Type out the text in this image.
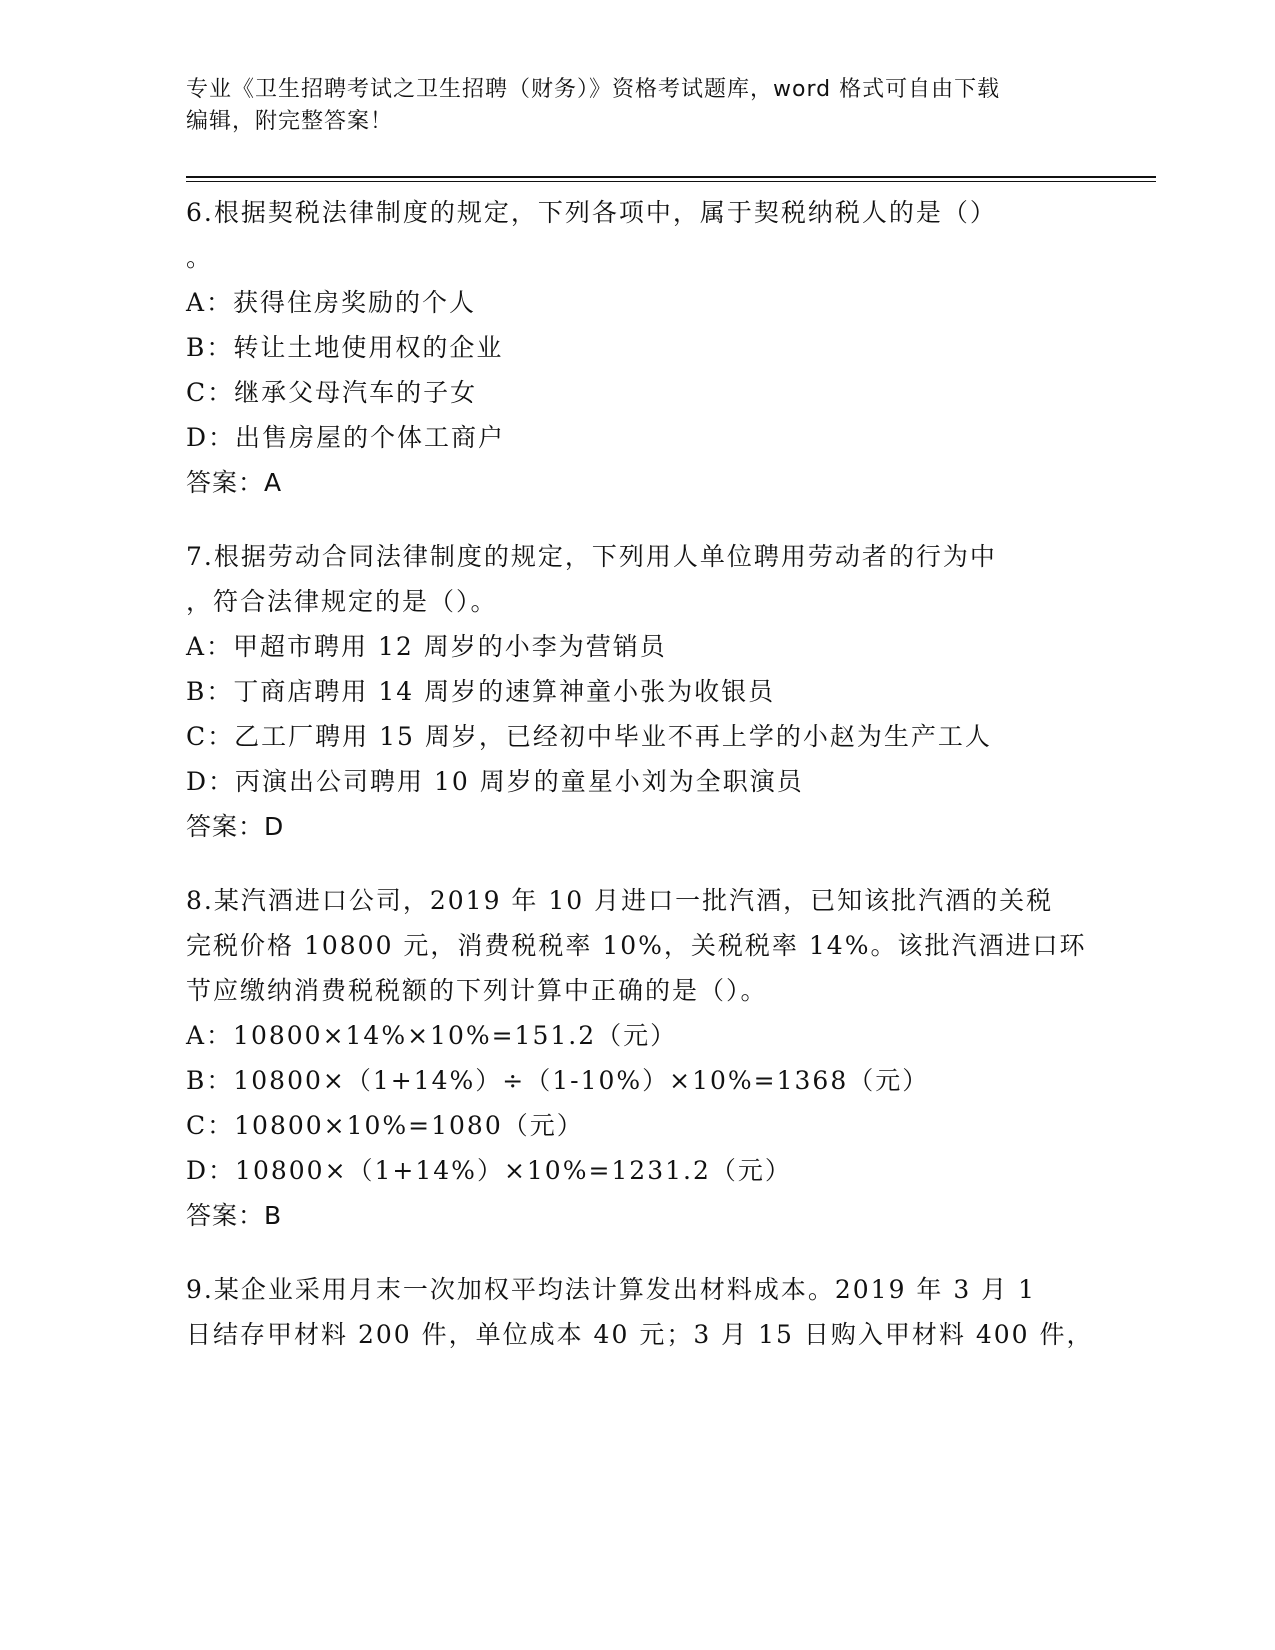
专业《卫生招聘考试之卫生招聘（财务）》资格考试题库，word 格式可自由下载
编辑，附完整答案！

6.根据契税法律制度的规定，下列各项中，属于契税纳税人的是（）

。

A：获得住房奖励的个人

B：转让土地使用权的企业

C：继承父母汽车的子女

D：出售房屋的个体工商户

答案：A

7.根据劳动合同法律制度的规定，下列用人单位聘用劳动者的行为中

，符合法律规定的是（）。

A：甲超市聘用 12 周岁的小李为营销员

B：丁商店聘用 14 周岁的速算神童小张为收银员

C：乙工厂聘用 15 周岁，已经初中毕业不再上学的小赵为生产工人

D：丙演出公司聘用 10 周岁的童星小刘为全职演员

答案：D

8.某汽酒进口公司，2019 年 10 月进口一批汽酒，已知该批汽酒的关税

完税价格 10800 元，消费税税率 10%，关税税率 14%。该批汽酒进口环

节应缴纳消费税税额的下列计算中正确的是（）。

A：10800×14%×10%=151.2（元）

B：10800×（1+14%）÷（1-10%）×10%=1368（元）

C：10800×10%=1080（元）

D：10800×（1+14%）×10%=1231.2（元）

答案：B

9.某企业采用月末一次加权平均法计算发出材料成本。2019 年 3 月 1

日结存甲材料 200 件，单位成本 40 元；3 月 15 日购入甲材料 400 件，
